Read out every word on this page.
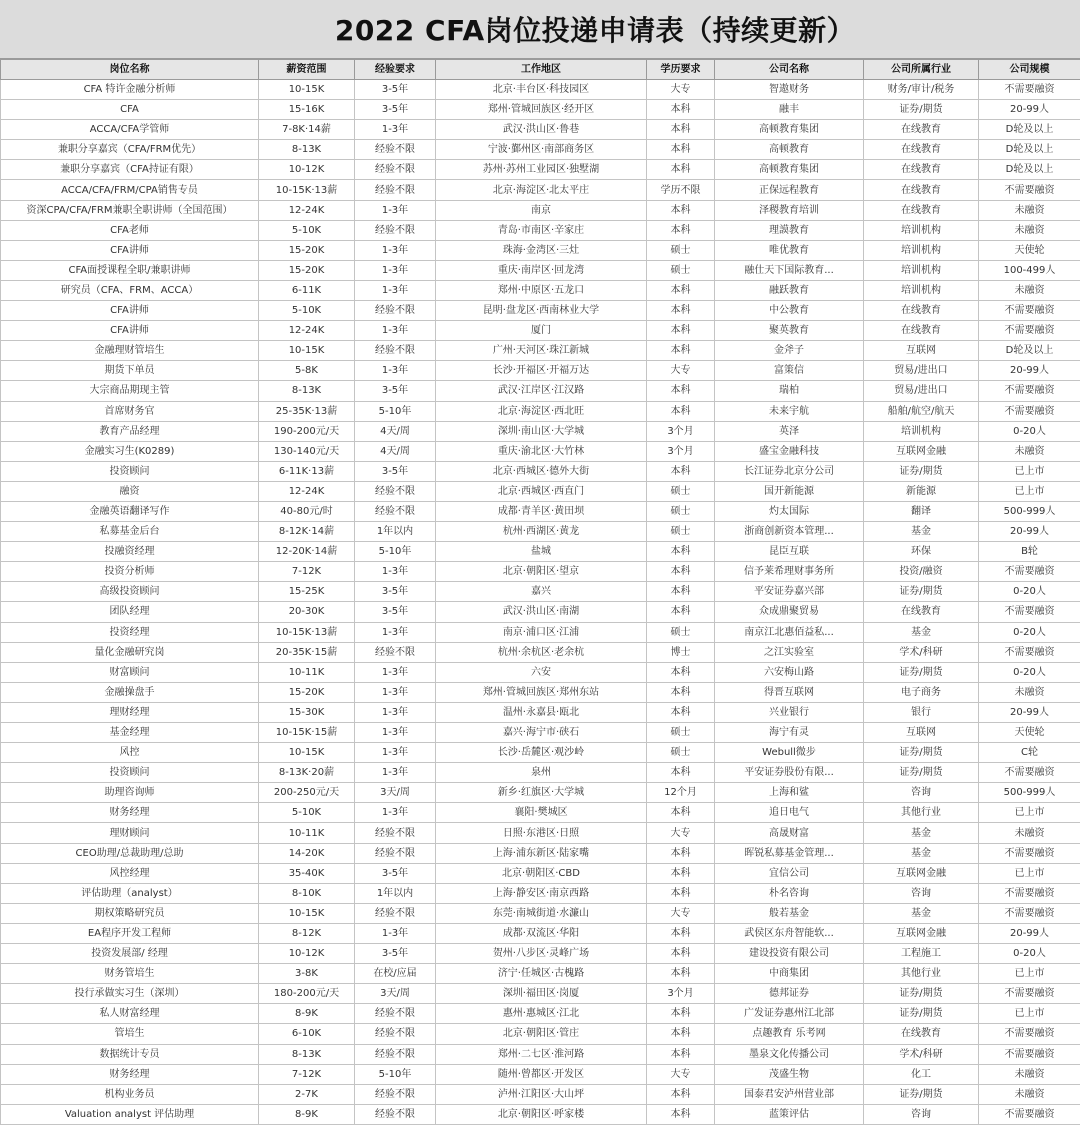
2022 CFA岗位投递申请表（持续更新）
岗位名称	薪资范围	经验要求	工作地区	学历要求	公司名称	公司所属行业	公司规模
CFA 特许金融分析师	10-15K	3-5年	北京·丰台区·科技园区	大专	智遨财务	财务/审计/税务	不需要融资
CFA	15-16K	3-5年	郑州·管城回族区·经开区	本科	融丰	证券/期货	20-99人
ACCA/CFA学管师	7-8K·14薪	1-3年	武汉·洪山区·鲁巷	本科	高顿教育集团	在线教育	D轮及以上
兼职分享嘉宾（CFA/FRM优先）	8-13K	经验不限	宁波·鄞州区·南部商务区	本科	高顿教育	在线教育	D轮及以上
兼职分享嘉宾（CFA持证有限）	10-12K	经验不限	苏州·苏州工业园区·独墅湖	本科	高顿教育集团	在线教育	D轮及以上
ACCA/CFA/FRM/CPA销售专员	10-15K·13薪	经验不限	北京·海淀区·北太平庄	学历不限	正保远程教育	在线教育	不需要融资
资深CPA/CFA/FRM兼职全职讲师（全国范围）	12-24K	1-3年	南京	本科	泽稷教育培训	在线教育	未融资
CFA老师	5-10K	经验不限	青岛·市南区·辛家庄	本科	理謨教育	培训机构	未融资
CFA讲师	15-20K	1-3年	珠海·金湾区·三灶	硕士	唯优教育	培训机构	天使轮
CFA面授课程全职/兼职讲师	15-20K	1-3年	重庆·南岸区·回龙湾	硕士	融仕天下国际教育...	培训机构	100-499人
研究员（CFA、FRM、ACCA）	6-11K	1-3年	郑州·中原区·五龙口	本科	融跃教育	培训机构	未融资
CFA讲师	5-10K	经验不限	昆明·盘龙区·西南林业大学	本科	中公教育	在线教育	不需要融资
CFA讲师	12-24K	1-3年	厦门	本科	聚英教育	在线教育	不需要融资
金融理财管培生	10-15K	经验不限	广州·天河区·珠江新城	本科	金斧子	互联网	D轮及以上
期货下单员	5-8K	1-3年	长沙·开福区·开福万达	大专	富策信	贸易/进出口	20-99人
大宗商品期现主管	8-13K	3-5年	武汉·江岸区·江汉路	本科	瑞柏	贸易/进出口	不需要融资
首席财务官	25-35K·13薪	5-10年	北京·海淀区·西北旺	本科	未来宇航	船舶/航空/航天	不需要融资
教育产品经理	190-200元/天	4天/周	深圳·南山区·大学城	3个月	英泽	培训机构	0-20人
金融实习生(K0289)	130-140元/天	4天/周	重庆·渝北区·大竹林	3个月	盛宝金融科技	互联网金融	未融资
投资顾问	6-11K·13薪	3-5年	北京·西城区·德外大街	本科	长江证券北京分公司	证券/期货	已上市
融资	12-24K	经验不限	北京·西城区·西直门	硕士	国开新能源	新能源	已上市
金融英语翻译写作	40-80元/时	经验不限	成都·青羊区·黄田坝	硕士	灼太国际	翻译	500-999人
私募基金后台	8-12K·14薪	1年以内	杭州·西湖区·黄龙	硕士	浙商创新资本管理...	基金	20-99人
投融资经理	12-20K·14薪	5-10年	盐城	本科	昆臣互联	环保	B轮
投资分析师	7-12K	1-3年	北京·朝阳区·望京	本科	信予莱希理财事务所	投资/融资	不需要融资
高级投资顾问	15-25K	3-5年	嘉兴	本科	平安证券嘉兴部	证券/期货	0-20人
团队经理	20-30K	3-5年	武汉·洪山区·南湖	本科	众成鼎聚贸易	在线教育	不需要融资
投资经理	10-15K·13薪	1-3年	南京·浦口区·江浦	硕士	南京江北惠佰益私...	基金	0-20人
量化金融研究岗	20-35K·15薪	经验不限	杭州·余杭区·老余杭	博士	之江实验室	学术/科研	不需要融资
财富顾问	10-11K	1-3年	六安	本科	六安梅山路	证券/期货	0-20人
金融操盘手	15-20K	1-3年	郑州·管城回族区·郑州东站	本科	得晋互联网	电子商务	未融资
理财经理	15-30K	1-3年	温州·永嘉县·瓯北	本科	兴业银行	银行	20-99人
基金经理	10-15K·15薪	1-3年	嘉兴·海宁市·硖石	硕士	海宁有灵	互联网	天使轮
风控	10-15K	1-3年	长沙·岳麓区·观沙岭	硕士	Webull微步	证券/期货	C轮
投资顾问	8-13K·20薪	1-3年	泉州	本科	平安证券股份有限...	证券/期货	不需要融资
助理咨询师	200-250元/天	3天/周	新乡·红旗区·大学城	12个月	上海和鲨	咨询	500-999人
财务经理	5-10K	1-3年	襄阳·樊城区	本科	追日电气	其他行业	已上市
理财顾问	10-11K	经验不限	日照·东港区·日照	大专	高晟财富	基金	未融资
CEO助理/总裁助理/总助	14-20K	经验不限	上海·浦东新区·陆家嘴	本科	晖锐私募基金管理...	基金	不需要融资
风控经理	35-40K	3-5年	北京·朝阳区·CBD	本科	宜信公司	互联网金融	已上市
评估助理（analyst）	8-10K	1年以内	上海·静安区·南京西路	本科	朴名咨询	咨询	不需要融资
期权策略研究员	10-15K	经验不限	东莞·南城街道·水濂山	大专	般若基金	基金	不需要融资
EA程序开发工程师	8-12K	1-3年	成都·双流区·华阳	本科	武侯区东舟智能软...	互联网金融	20-99人
投资发展部/ 经理	10-12K	3-5年	贺州·八步区·灵峰广场	本科	建设投资有限公司	工程施工	0-20人
财务管培生	3-8K	在校/应届	济宁·任城区·古槐路	本科	中商集团	其他行业	已上市
投行承做实习生（深圳）	180-200元/天	3天/周	深圳·福田区·岗厦	3个月	德邦证券	证券/期货	不需要融资
私人财富经理	8-9K	经验不限	惠州·惠城区·江北	本科	广发证券惠州江北部	证券/期货	已上市
管培生	6-10K	经验不限	北京·朝阳区·管庄	本科	点趣教育 乐考网	在线教育	不需要融资
数据统计专员	8-13K	经验不限	郑州·二七区·淮河路	本科	墨泉文化传播公司	学术/科研	不需要融资
财务经理	7-12K	5-10年	随州·曾都区·开发区	大专	茂盛生物	化工	未融资
机构业务员	2-7K	经验不限	泸州·江阳区·大山坪	本科	国泰君安泸州营业部	证券/期货	未融资
Valuation analyst 评估助理	8-9K	经验不限	北京·朝阳区·呼家楼	本科	蓝策评估	咨询	不需要融资
